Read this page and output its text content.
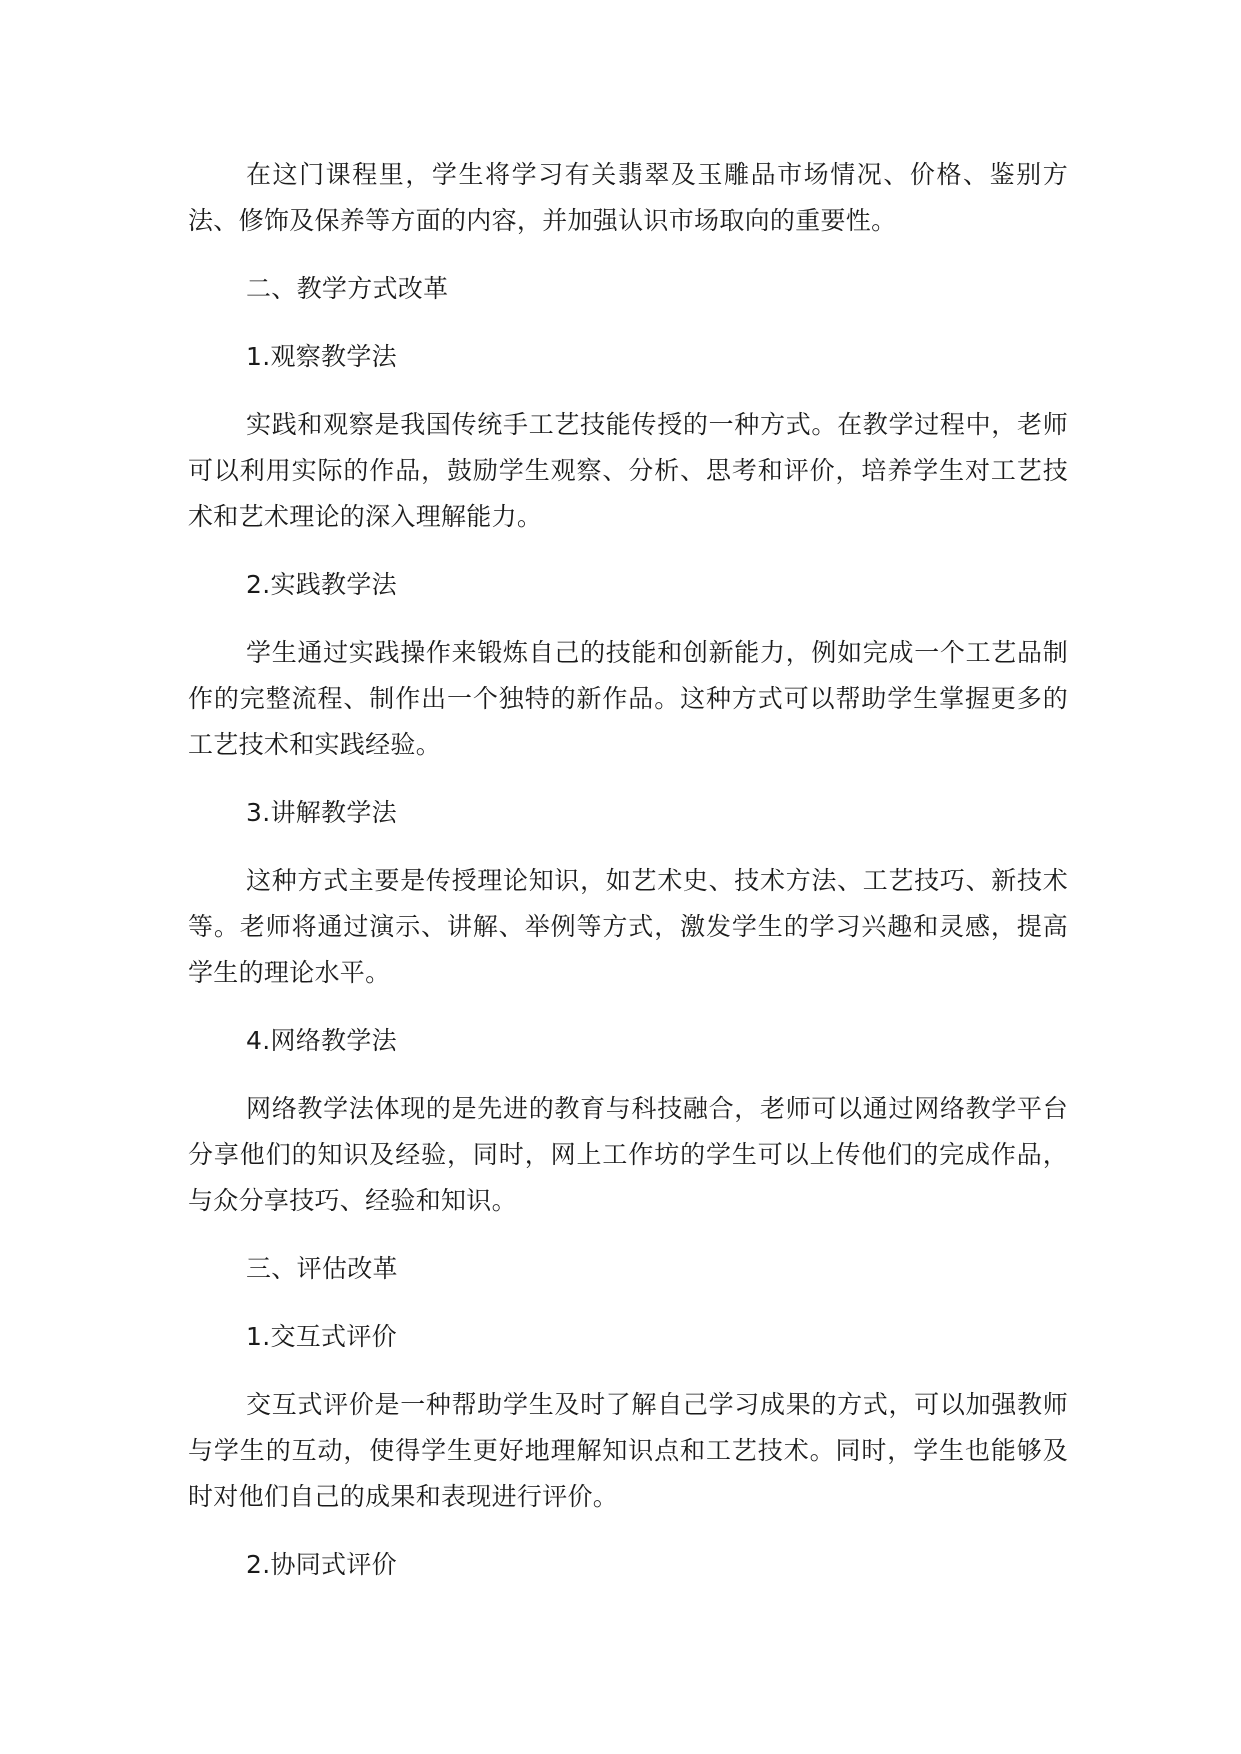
在这门课程里，学生将学习有关翡翠及玉雕品市场情况、价格、鉴别方法、修饰及保养等方面的内容，并加强认识市场取向的重要性。

二、教学方式改革

1.观察教学法

实践和观察是我国传统手工艺技能传授的一种方式。在教学过程中，老师可以利用实际的作品，鼓励学生观察、分析、思考和评价，培养学生对工艺技术和艺术理论的深入理解能力。

2.实践教学法

学生通过实践操作来锻炼自己的技能和创新能力，例如完成一个工艺品制作的完整流程、制作出一个独特的新作品。这种方式可以帮助学生掌握更多的工艺技术和实践经验。

3.讲解教学法

这种方式主要是传授理论知识，如艺术史、技术方法、工艺技巧、新技术等。老师将通过演示、讲解、举例等方式，激发学生的学习兴趣和灵感，提高学生的理论水平。

4.网络教学法

网络教学法体现的是先进的教育与科技融合，老师可以通过网络教学平台分享他们的知识及经验，同时，网上工作坊的学生可以上传他们的完成作品，与众分享技巧、经验和知识。

三、评估改革

1.交互式评价

交互式评价是一种帮助学生及时了解自己学习成果的方式，可以加强教师与学生的互动，使得学生更好地理解知识点和工艺技术。同时，学生也能够及时对他们自己的成果和表现进行评价。

2.协同式评价
